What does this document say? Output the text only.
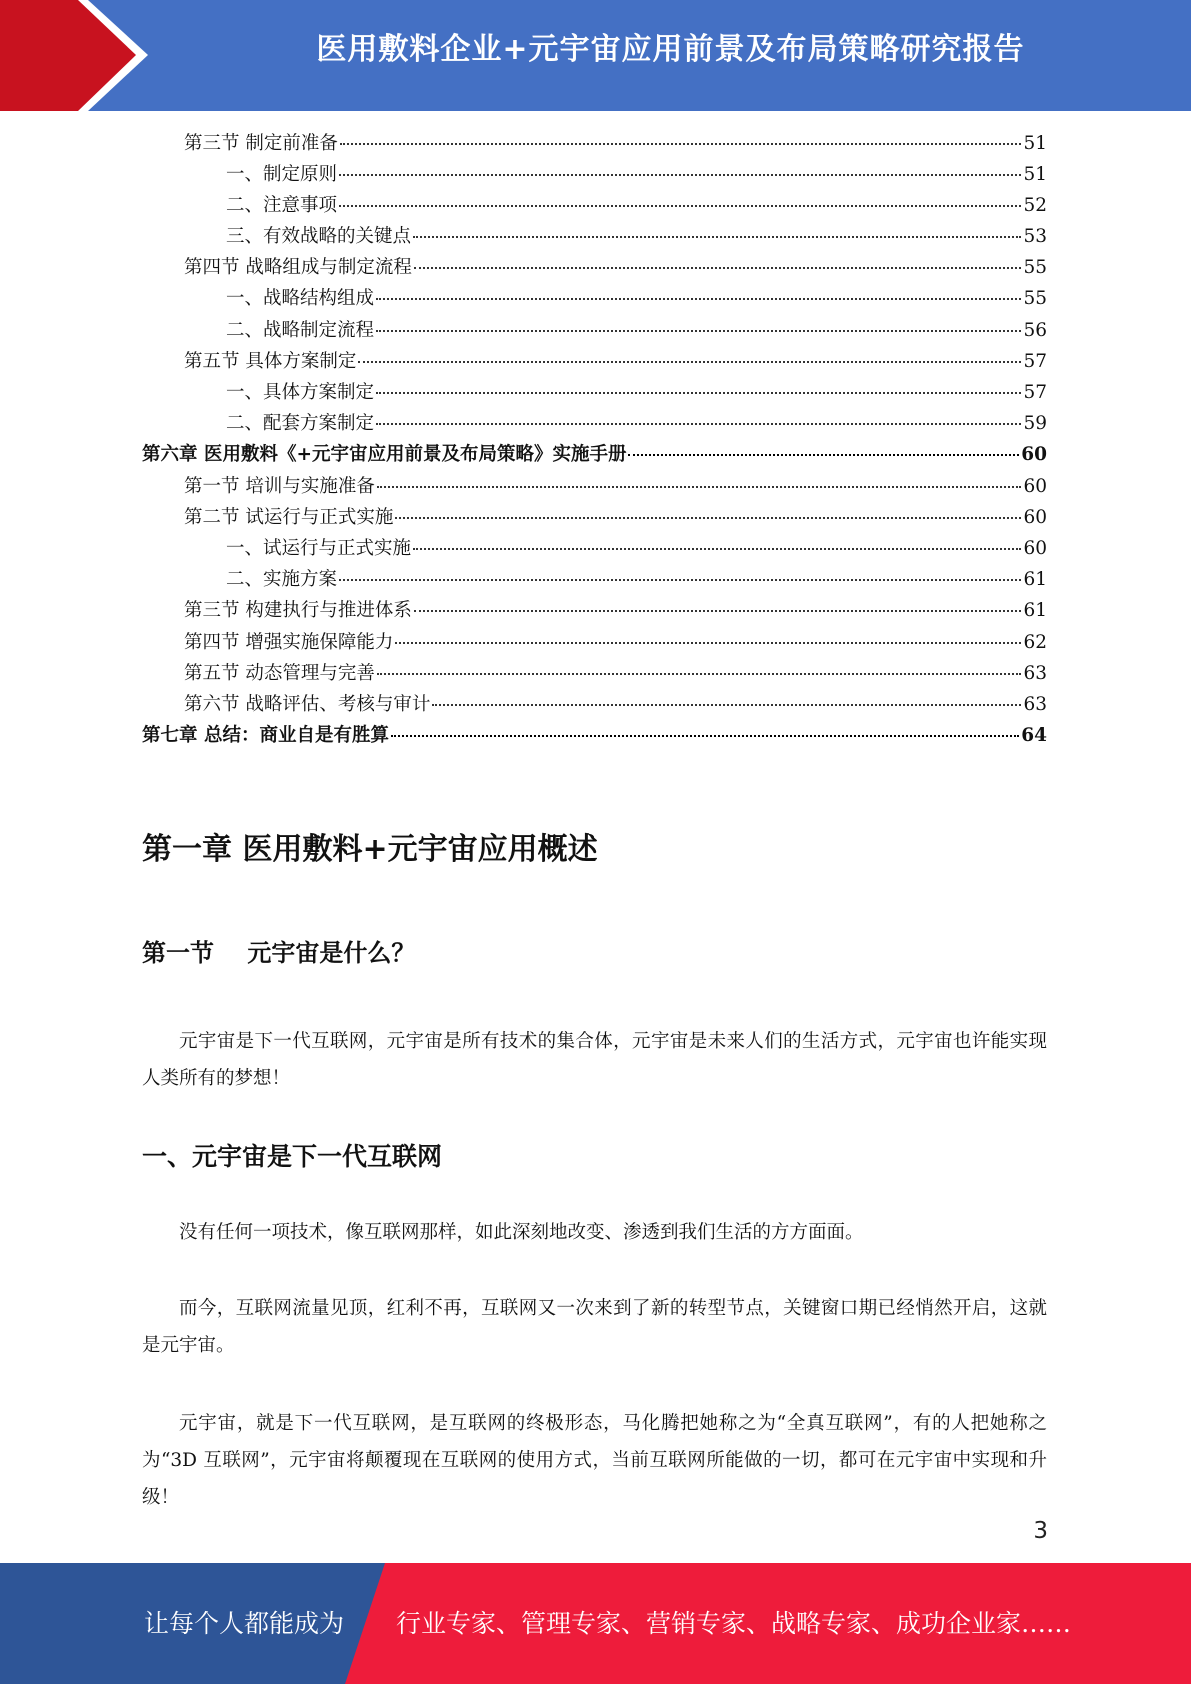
医用敷料企业+元宇宙应用前景及布局策略研究报告
第三节 制定前准备	51
一、制定原则	51
二、注意事项	52
三、有效战略的关键点	53
第四节 战略组成与制定流程	55
一、战略结构组成	55
二、战略制定流程	56
第五节 具体方案制定	57
一、具体方案制定	57
二、配套方案制定	59
第六章 医用敷料《+元宇宙应用前景及布局策略》实施手册	60
第一节 培训与实施准备	60
第二节 试运行与正式实施	60
一、试运行与正式实施	60
二、实施方案	61
第三节 构建执行与推进体系	61
第四节 增强实施保障能力	62
第五节 动态管理与完善	63
第六节 战略评估、考核与审计	63
第七章 总结：商业自是有胜算	64
第一章 医用敷料+元宇宙应用概述
第一节    元宇宙是什么？

元宇宙是下一代互联网，元宇宙是所有技术的集合体，元宇宙是未来人们的生活方式，元宇宙也许能实现人类所有的梦想！

一、元宇宙是下一代互联网

没有任何一项技术，像互联网那样，如此深刻地改变、渗透到我们生活的方方面面。

而今，互联网流量见顶，红利不再，互联网又一次来到了新的转型节点，关键窗口期已经悄然开启，这就是元宇宙。

元宇宙，就是下一代互联网，是互联网的终极形态，马化腾把她称之为“全真互联网”，有的人把她称之为“3D 互联网”，元宇宙将颠覆现在互联网的使用方式，当前互联网所能做的一切，都可在元宇宙中实现和升级！

3
让每个人都能成为 行业专家、管理专家、营销专家、战略专家、成功企业家……
